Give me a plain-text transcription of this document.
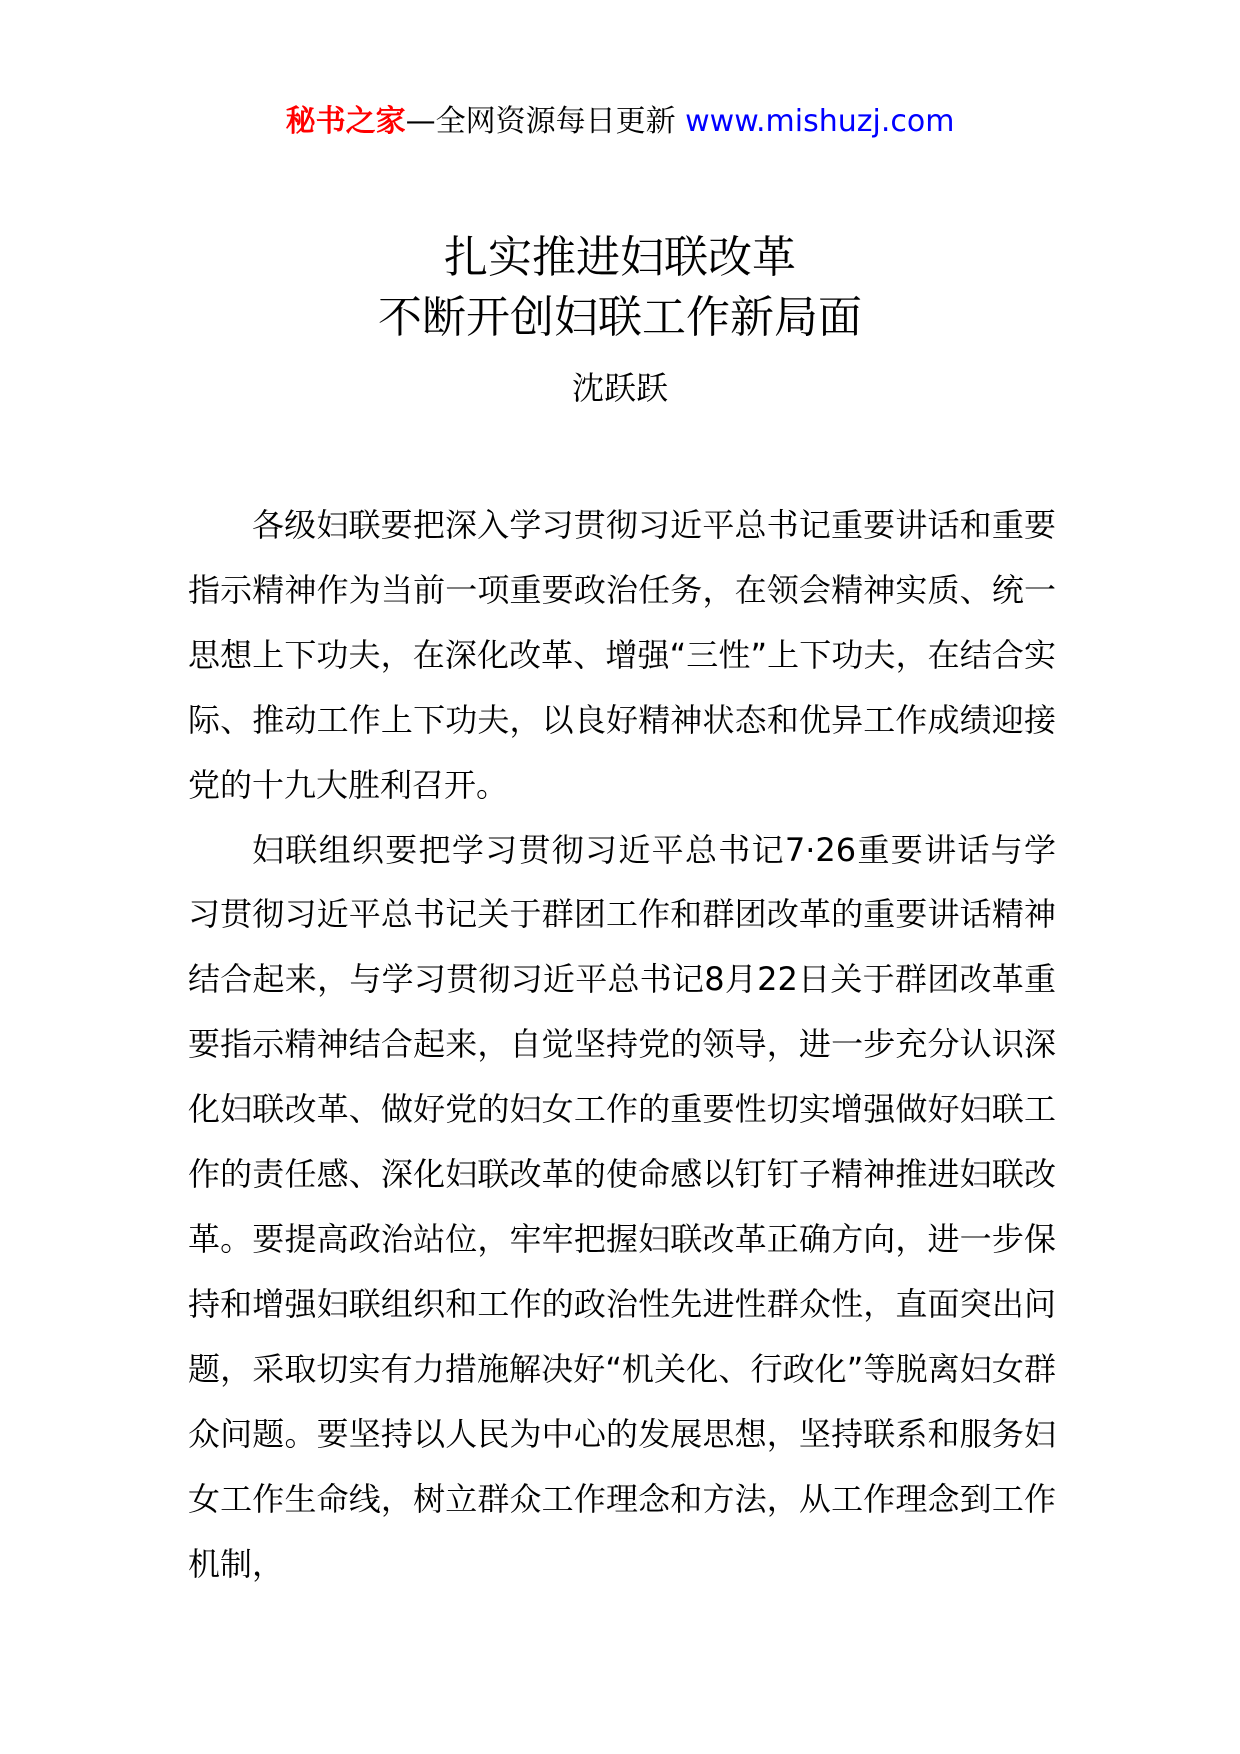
秘书之家—全网资源每日更新 www.mishuzj.com
扎实推进妇联改革
不断开创妇联工作新局面
沈跃跃

各级妇联要把深入学习贯彻习近平总书记重要讲话和重要指示精神作为当前一项重要政治任务，在领会精神实质、统一思想上下功夫，在深化改革、增强“三性”上下功夫，在结合实际、推动工作上下功夫，以良好精神状态和优异工作成绩迎接党的十九大胜利召开。

妇联组织要把学习贯彻习近平总书记7·26重要讲话与学习贯彻习近平总书记关于群团工作和群团改革的重要讲话精神结合起来，与学习贯彻习近平总书记8月22日关于群团改革重要指示精神结合起来，自觉坚持党的领导，进一步充分认识深化妇联改革、做好党的妇女工作的重要性切实增强做好妇联工作的责任感、深化妇联改革的使命感以钉钉子精神推进妇联改革。要提高政治站位，牢牢把握妇联改革正确方向，进一步保持和增强妇联组织和工作的政治性先进性群众性，直面突出问题，采取切实有力措施解决好“机关化、行政化”等脱离妇女群众问题。要坚持以人民为中心的发展思想，坚持联系和服务妇女工作生命线，树立群众工作理念和方法，从工作理念到工作机制，
